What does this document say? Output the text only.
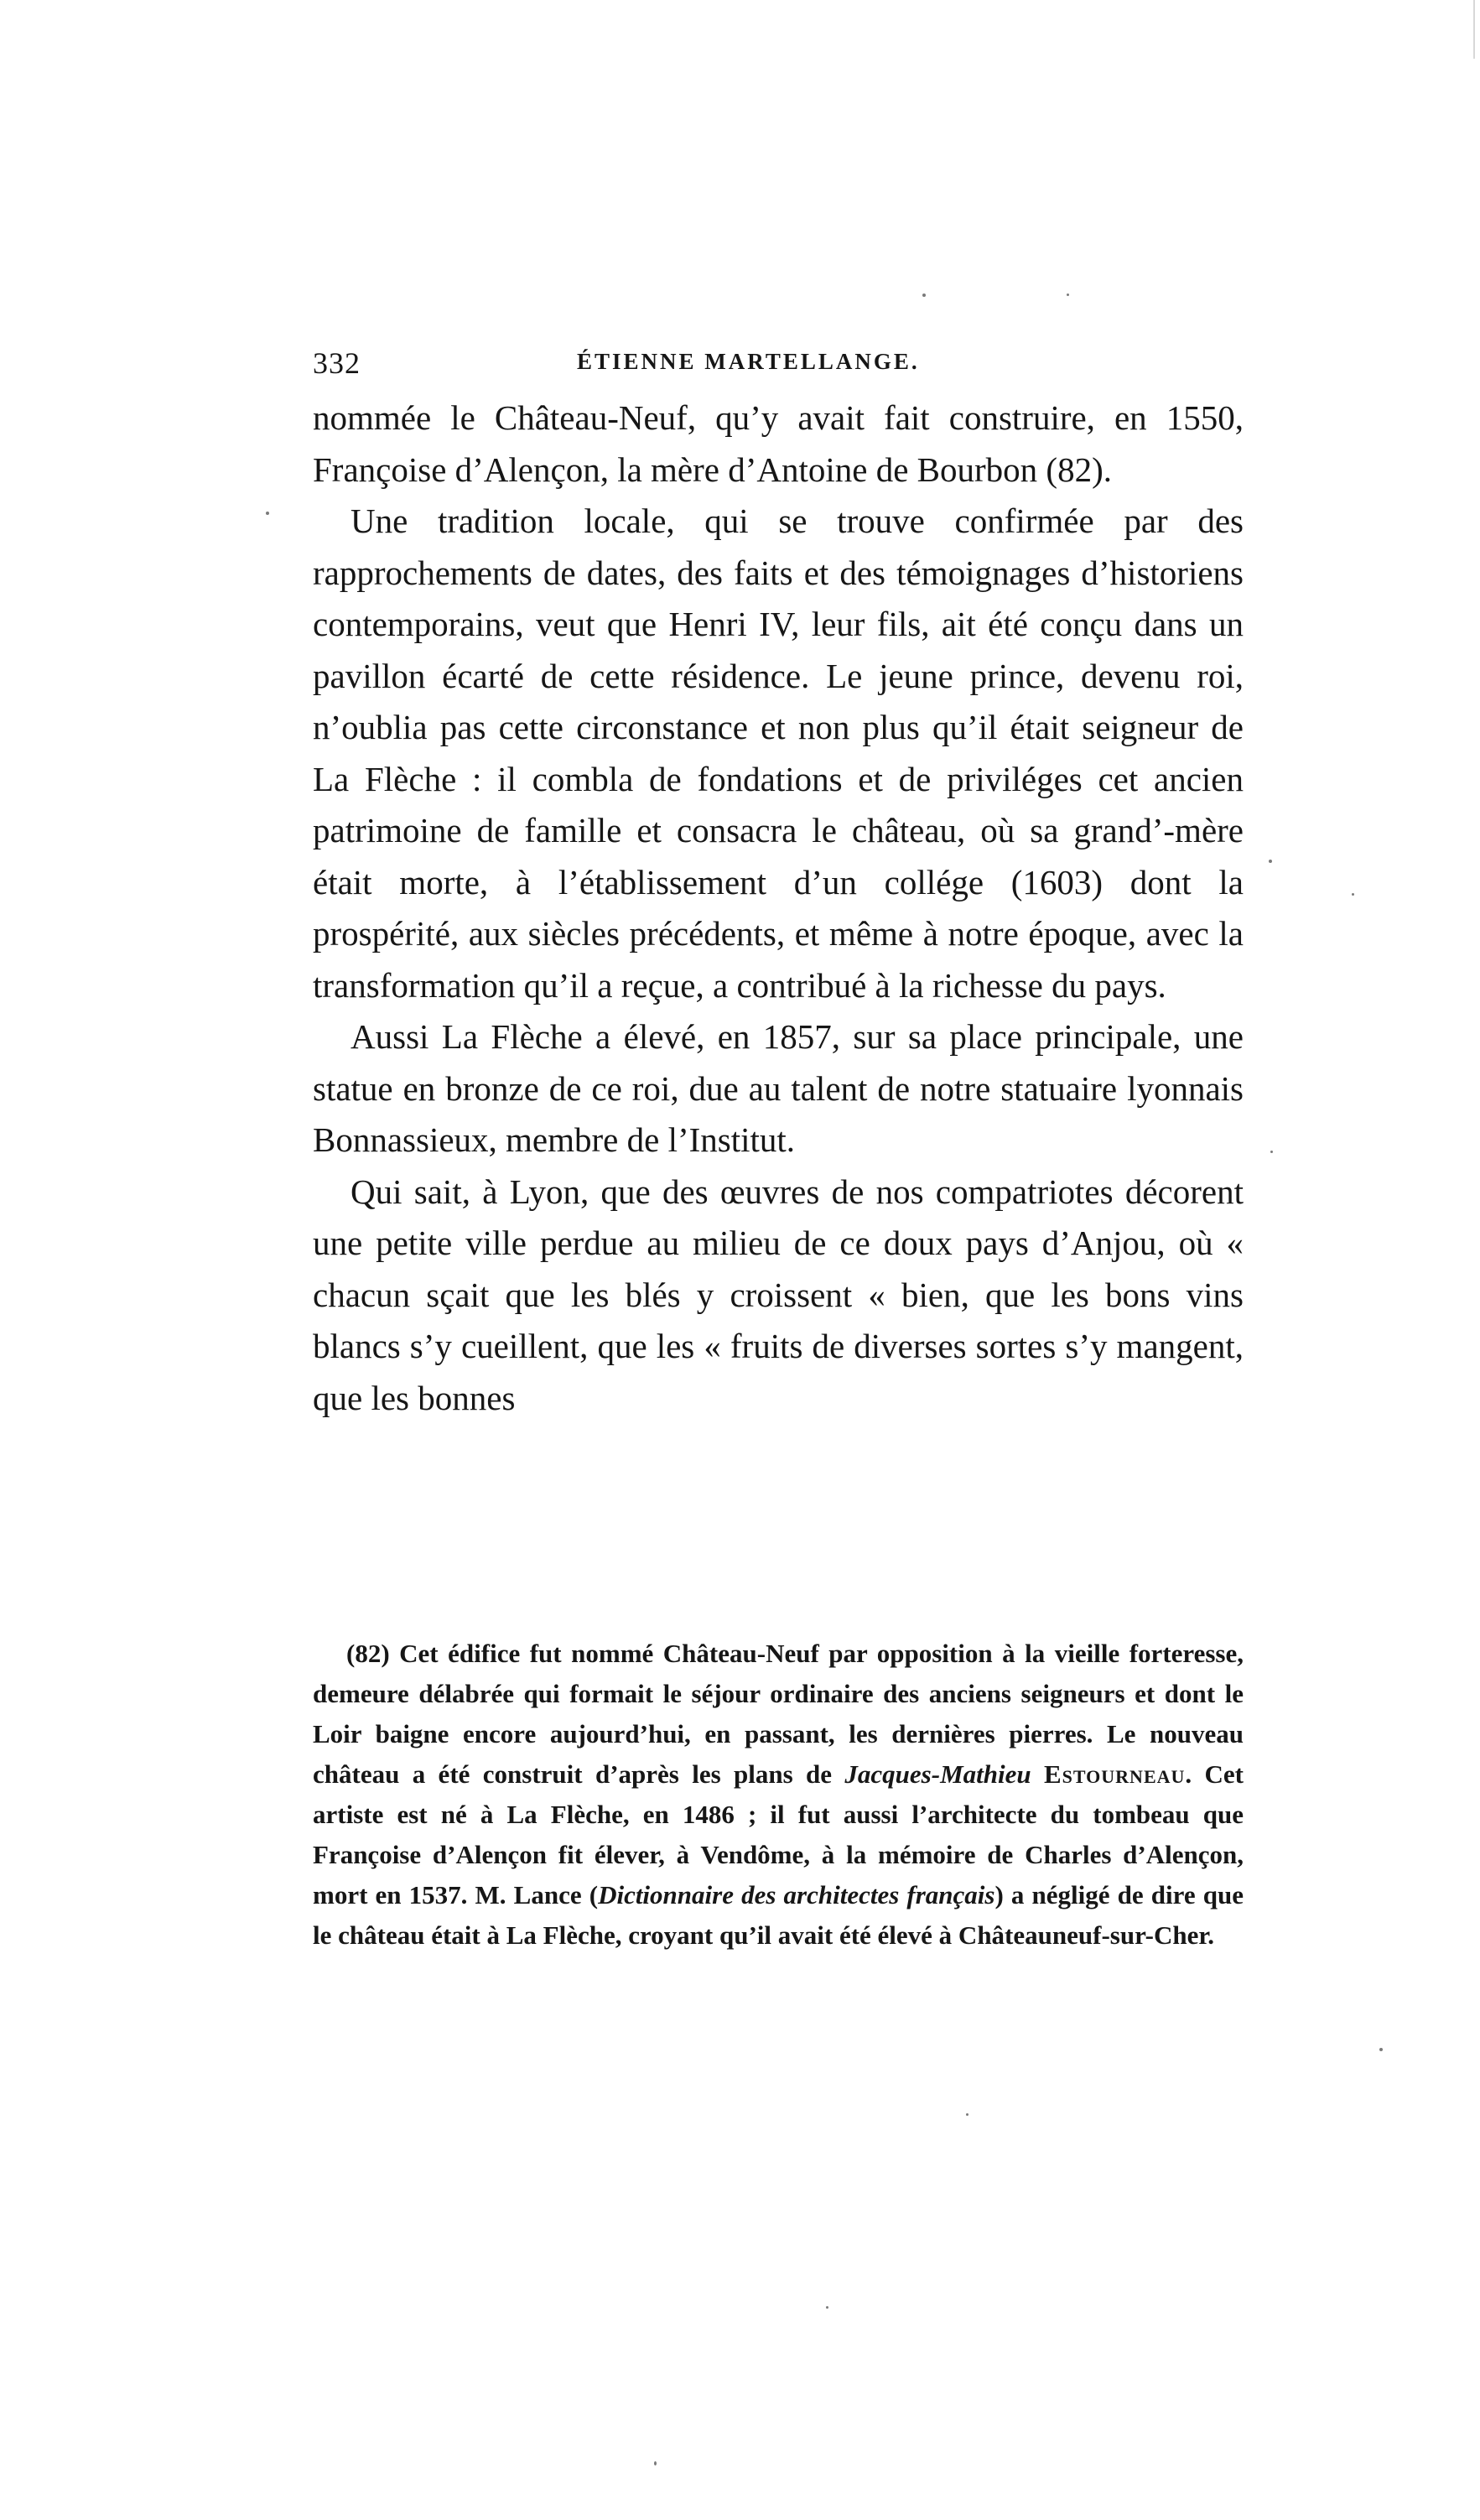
332	ÉTIENNE MARTELLANGE.

nommée le Château-Neuf, qu’y avait fait construire, en 1550, Françoise d’Alençon, la mère d’Antoine de Bourbon (82).

Une tradition locale, qui se trouve confirmée par des rapprochements de dates, des faits et des témoignages d’historiens contemporains, veut que Henri IV, leur fils, ait été conçu dans un pavillon écarté de cette résidence. Le jeune prince, devenu roi, n’oublia pas cette circonstance et non plus qu’il était seigneur de La Flèche : il combla de fondations et de priviléges cet ancien patrimoine de famille et consacra le château, où sa grand’-mère était morte, à l’établissement d’un collége (1603) dont la prospérité, aux siècles précédents, et même à notre époque, avec la transformation qu’il a reçue, a contribué à la richesse du pays.

Aussi La Flèche a élevé, en 1857, sur sa place principale, une statue en bronze de ce roi, due au talent de notre statuaire lyonnais Bonnassieux, membre de l’Institut.

Qui sait, à Lyon, que des œuvres de nos compatriotes décorent une petite ville perdue au milieu de ce doux pays d’Anjou, où « chacun sçait que les blés y croissent « bien, que les bons vins blancs s’y cueillent, que les « fruits de diverses sortes s’y mangent, que les bonnes

(82) Cet édifice fut nommé Château-Neuf par opposition à la vieille forteresse, demeure délabrée qui formait le séjour ordinaire des anciens seigneurs et dont le Loir baigne encore aujourd’hui, en passant, les dernières pierres. Le nouveau château a été construit d’après les plans de Jacques-Mathieu Estourneau. Cet artiste est né à La Flèche, en 1486 ; il fut aussi l’architecte du tombeau que Françoise d’Alençon fit élever, à Vendôme, à la mémoire de Charles d’Alençon, mort en 1537. M. Lance (Dictionnaire des architectes français) a négligé de dire que le château était à La Flèche, croyant qu’il avait été élevé à Châteauneuf-sur-Cher.
